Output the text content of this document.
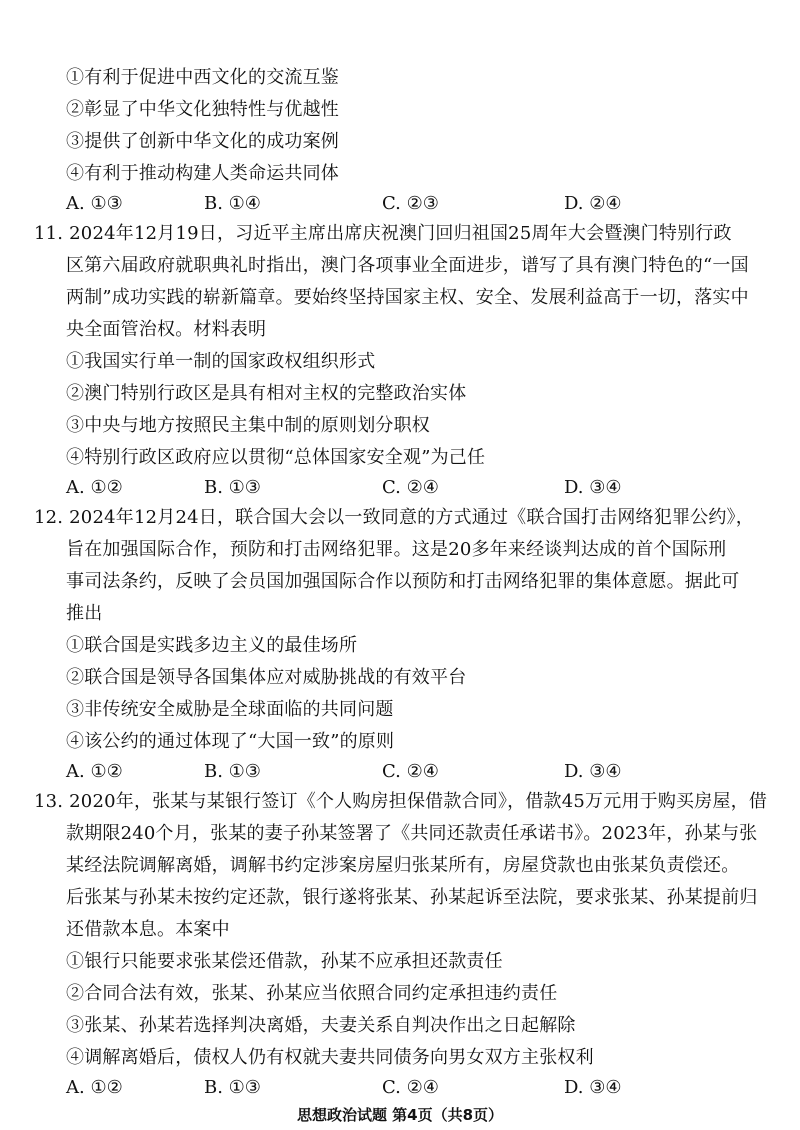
①有利于促进中西文化的交流互鉴
②彰显了中华文化独特性与优越性
③提供了创新中华文化的成功案例
④有利于推动构建人类命运共同体
A. ①③	B. ①④	C. ②③	D. ②④
11. 2024年12月19日，习近平主席出席庆祝澳门回归祖国25周年大会暨澳门特别行政
区第六届政府就职典礼时指出，澳门各项事业全面进步，谱写了具有澳门特色的“一国
两制”成功实践的崭新篇章。要始终坚持国家主权、安全、发展利益高于一切，落实中
央全面管治权。材料表明
①我国实行单一制的国家政权组织形式
②澳门特别行政区是具有相对主权的完整政治实体
③中央与地方按照民主集中制的原则划分职权
④特别行政区政府应以贯彻“总体国家安全观”为己任
A. ①②	B. ①③	C. ②④	D. ③④
12. 2024年12月24日，联合国大会以一致同意的方式通过《联合国打击网络犯罪公约》，
旨在加强国际合作，预防和打击网络犯罪。这是20多年来经谈判达成的首个国际刑
事司法条约，反映了会员国加强国际合作以预防和打击网络犯罪的集体意愿。据此可
推出
①联合国是实践多边主义的最佳场所
②联合国是领导各国集体应对威胁挑战的有效平台
③非传统安全威胁是全球面临的共同问题
④该公约的通过体现了“大国一致”的原则
A. ①②	B. ①③	C. ②④	D. ③④
13. 2020年，张某与某银行签订《个人购房担保借款合同》，借款45万元用于购买房屋，借
款期限240个月，张某的妻子孙某签署了《共同还款责任承诺书》。2023年，孙某与张
某经法院调解离婚，调解书约定涉案房屋归张某所有，房屋贷款也由张某负责偿还。
后张某与孙某未按约定还款，银行遂将张某、孙某起诉至法院，要求张某、孙某提前归
还借款本息。本案中
①银行只能要求张某偿还借款，孙某不应承担还款责任
②合同合法有效，张某、孙某应当依照合同约定承担违约责任
③张某、孙某若选择判决离婚，夫妻关系自判决作出之日起解除
④调解离婚后，债权人仍有权就夫妻共同债务向男女双方主张权利
A. ①②	B. ①③	C. ②④	D. ③④
思想政治试题 第4页（共8页）
